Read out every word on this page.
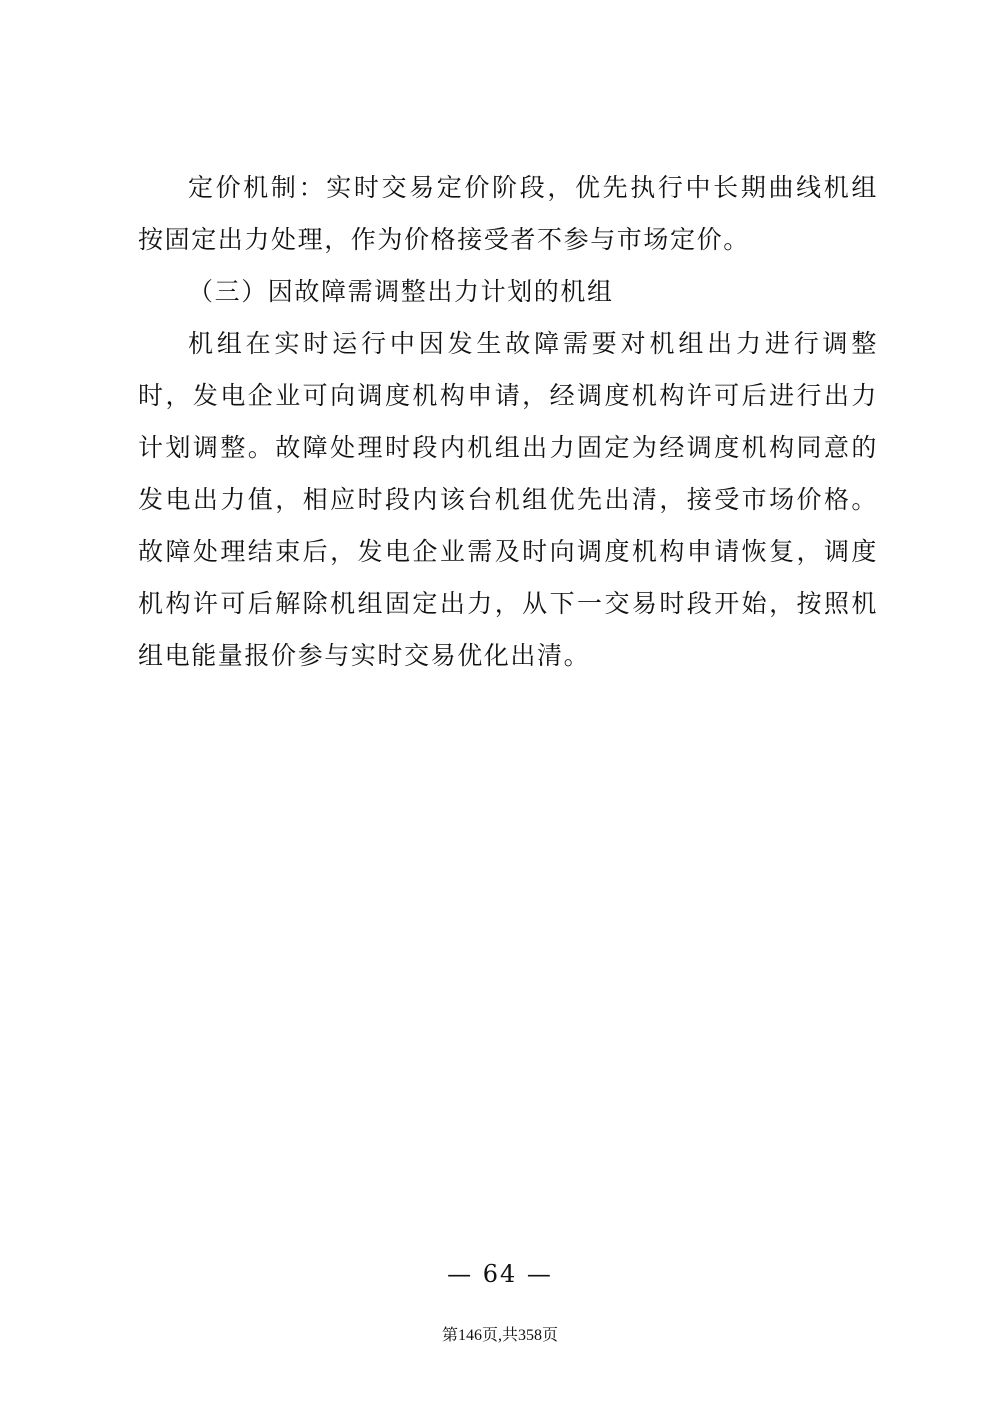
定价机制：实时交易定价阶段，优先执行中长期曲线机组按固定出力处理，作为价格接受者不参与市场定价。

（三）因故障需调整出力计划的机组

机组在实时运行中因发生故障需要对机组出力进行调整时，发电企业可向调度机构申请，经调度机构许可后进行出力计划调整。故障处理时段内机组出力固定为经调度机构同意的发电出力值，相应时段内该台机组优先出清，接受市场价格。故障处理结束后，发电企业需及时向调度机构申请恢复，调度机构许可后解除机组固定出力，从下一交易时段开始，按照机组电能量报价参与实时交易优化出清。

— 64 —
第146页,共358页
